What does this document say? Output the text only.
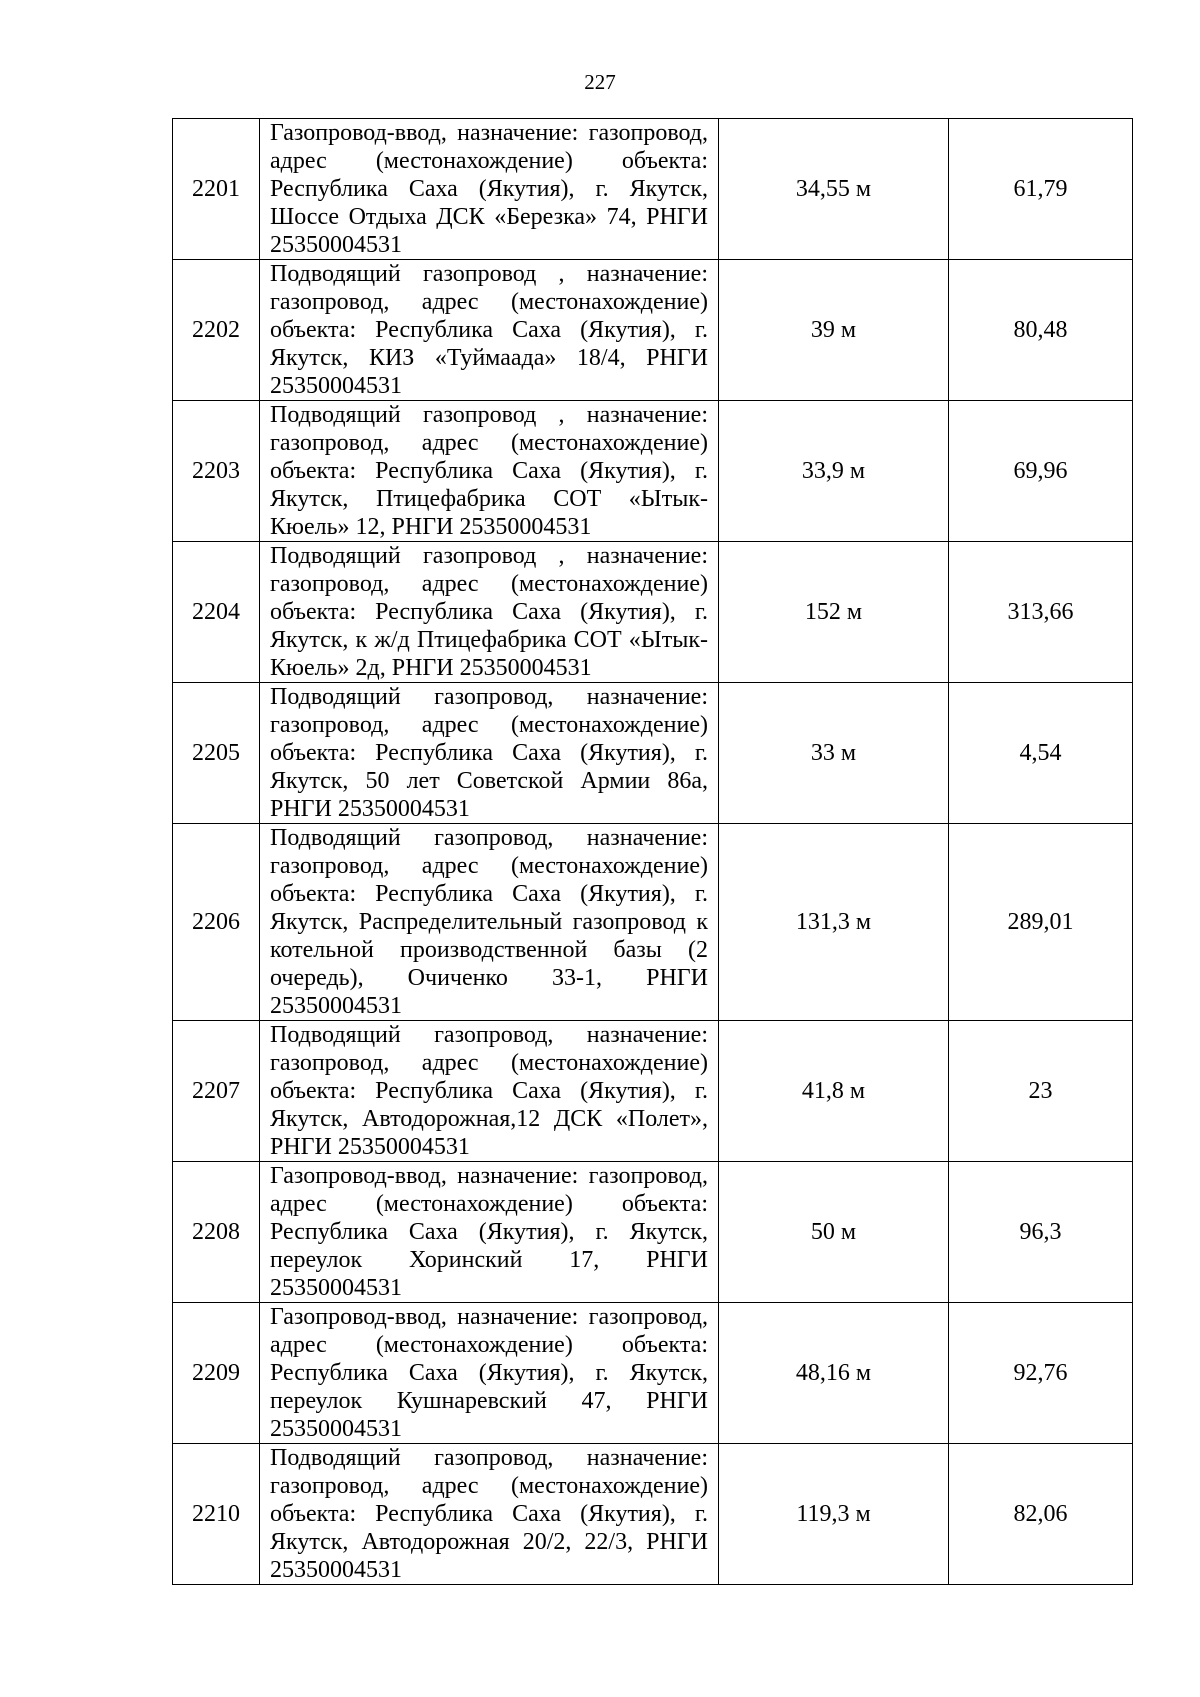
227
2201	Газопровод-ввод, назначение: газопровод, адрес (местонахождение) объекта: Республика Саха (Якутия), г. Якутск, Шоссе Отдыха ДСК «Березка» 74, РНГИ 25350004531	34,55 м	61,79
2202	Подводящий газопровод , назначение: газопровод, адрес (местонахождение) объекта: Республика Саха (Якутия), г. Якутск, КИЗ «Туймаада» 18/4, РНГИ 25350004531	39 м	80,48
2203	Подводящий газопровод , назначение: газопровод, адрес (местонахождение) объекта: Республика Саха (Якутия), г. Якутск, Птицефабрика СОТ «Ытык-Кюель» 12, РНГИ 25350004531	33,9 м	69,96
2204	Подводящий газопровод , назначение: газопровод, адрес (местонахождение) объекта: Республика Саха (Якутия), г. Якутск, к ж/д Птицефабрика СОТ «Ытык-Кюель» 2д, РНГИ 25350004531	152 м	313,66
2205	Подводящий газопровод, назначение: газопровод, адрес (местонахождение) объекта: Республика Саха (Якутия), г. Якутск, 50 лет Советской Армии 86а, РНГИ 25350004531	33 м	4,54
2206	Подводящий газопровод, назначение: газопровод, адрес (местонахождение) объекта: Республика Саха (Якутия), г. Якутск, Распределительный газопровод к котельной производственной базы (2 очередь), Очиченко 33-1, РНГИ 25350004531	131,3 м	289,01
2207	Подводящий газопровод, назначение: газопровод, адрес (местонахождение) объекта: Республика Саха (Якутия), г. Якутск, Автодорожная,12 ДСК «Полет», РНГИ 25350004531	41,8 м	23
2208	Газопровод-ввод, назначение: газопровод, адрес (местонахождение) объекта: Республика Саха (Якутия), г. Якутск, переулок Хоринский 17, РНГИ 25350004531	50 м	96,3
2209	Газопровод-ввод, назначение: газопровод, адрес (местонахождение) объекта: Республика Саха (Якутия), г. Якутск, переулок Кушнаревский 47, РНГИ 25350004531	48,16 м	92,76
2210	Подводящий газопровод, назначение: газопровод, адрес (местонахождение) объекта: Республика Саха (Якутия), г. Якутск, Автодорожная 20/2, 22/3, РНГИ 25350004531	119,3 м	82,06
